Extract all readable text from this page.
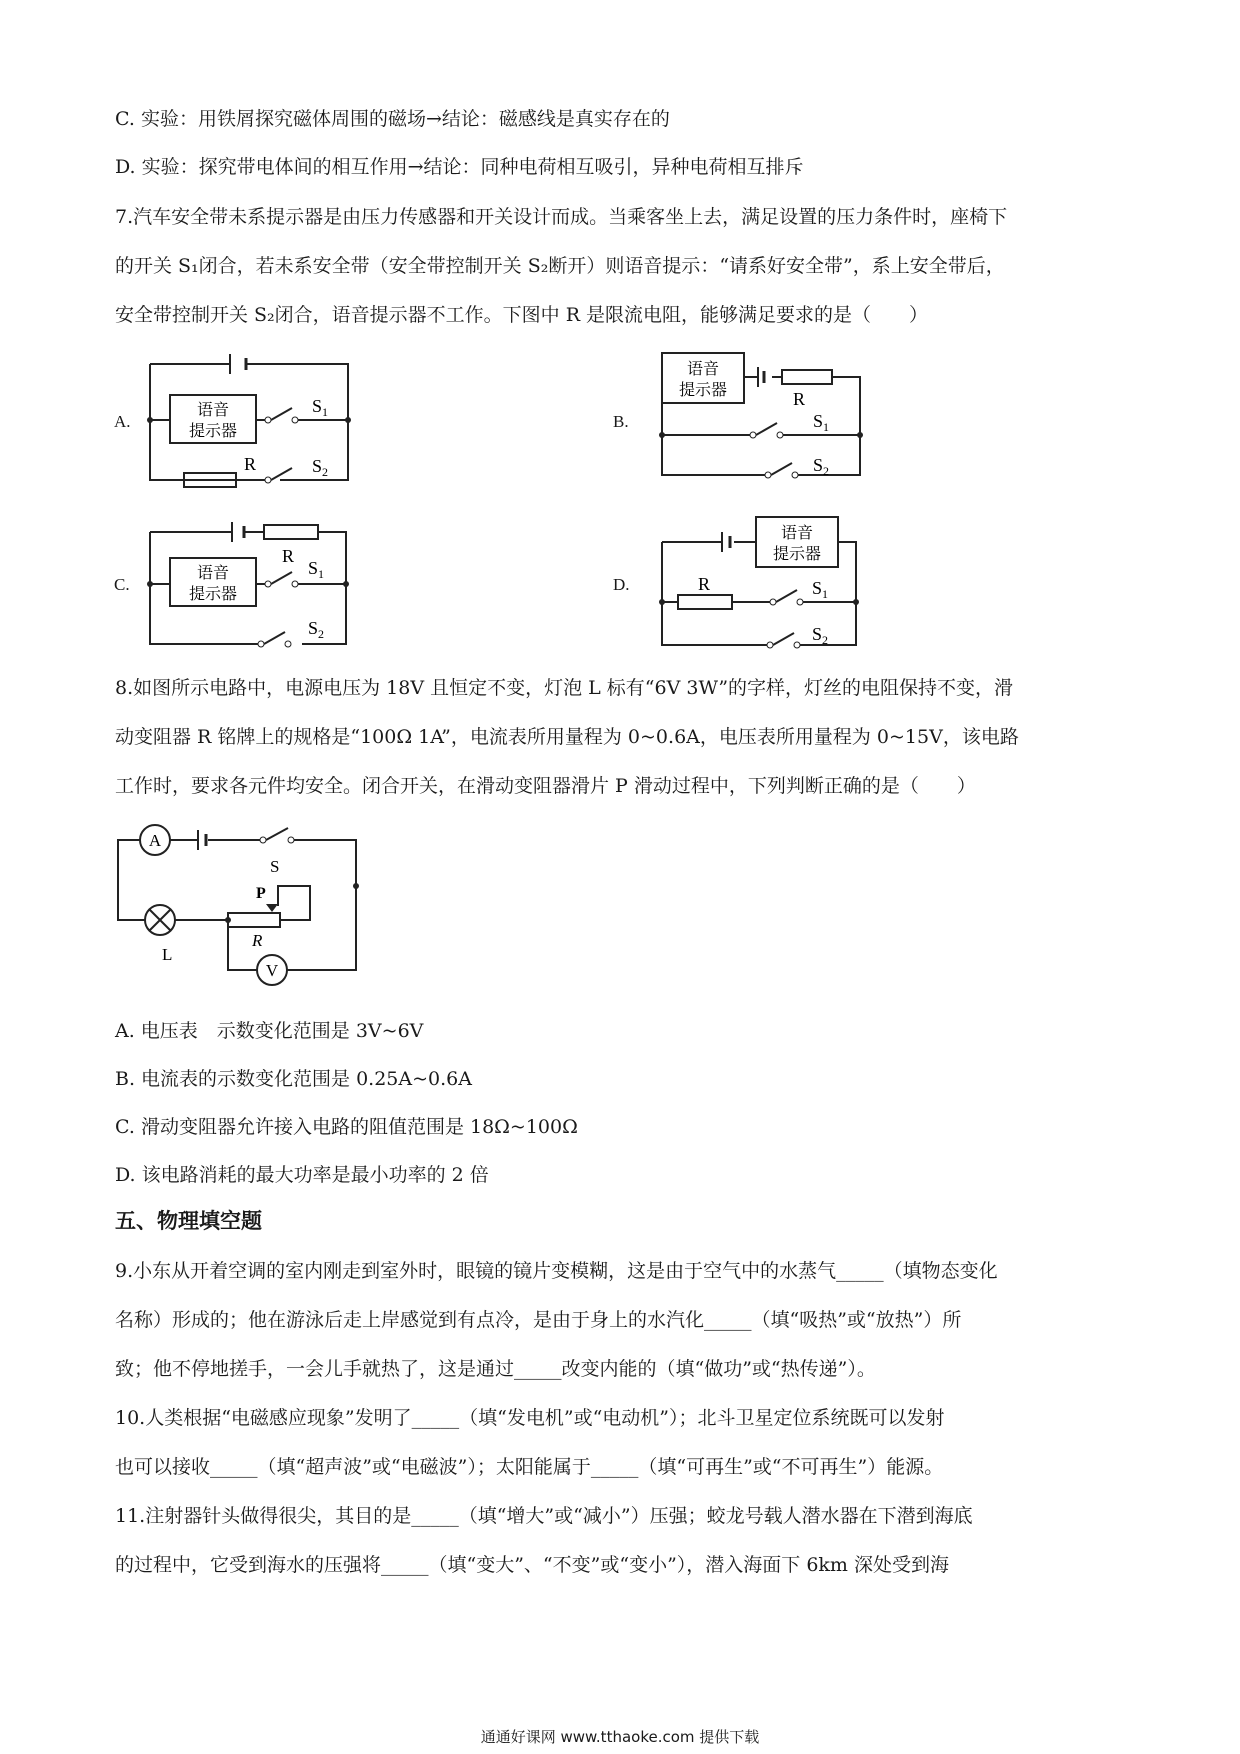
C. 实验：用铁屑探究磁体周围的磁场→结论：磁感线是真实存在的
D. 实验：探究带电体间的相互作用→结论：同种电荷相互吸引，异种电荷相互排斥
7.汽车安全带未系提示器是由压力传感器和开关设计而成。当乘客坐上去，满足设置的压力条件时，座椅下
的开关 S₁闭合，若未系安全带（安全带控制开关 S₂断开）则语音提示：“请系好安全带”，系上安全带后，
安全带控制开关 S₂闭合，语音提示器不工作。下图中 R 是限流电阻，能够满足要求的是（　　）
A.
语音
提示器
R
$S_1$
$S_2$
B.
语音
提示器	R
$S_1$
$S_2$
C.
语音
提示器
R
$S_1$
$S_2$
D.
语音
提示器
R	$S_1$
$S_2$
8.如图所示电路中，电源电压为 18V 且恒定不变，灯泡 L 标有“6V 3W”的字样，灯丝的电阻保持不变，滑
动变阻器 R 铭牌上的规格是“100Ω 1A”，电流表所用量程为 0~0.6A，电压表所用量程为 0~15V，该电路
工作时，要求各元件均安全。闭合开关，在滑动变阻器滑片 P 滑动过程中，下列判断正确的是（　　）
A
V
S
L
P
R
A. 电压表　示数变化范围是 3V~6V
B. 电流表的示数变化范围是 0.25A~0.6A
C. 滑动变阻器允许接入电路的阻值范围是 18Ω~100Ω
D. 该电路消耗的最大功率是最小功率的 2 倍
五、物理填空题
9.小东从开着空调的室内刚走到室外时，眼镜的镜片变模糊，这是由于空气中的水蒸气_____（填物态变化
名称）形成的；他在游泳后走上岸感觉到有点冷，是由于身上的水汽化_____（填“吸热”或“放热”）所
致；他不停地搓手，一会儿手就热了，这是通过_____改变内能的（填“做功”或“热传递”）。
10.人类根据“电磁感应现象”发明了_____（填“发电机”或“电动机”）；北斗卫星定位系统既可以发射
也可以接收_____（填“超声波”或“电磁波”）；太阳能属于_____（填“可再生”或“不可再生”）能源。
11.注射器针头做得很尖，其目的是_____（填“增大”或“减小”）压强；蛟龙号载人潜水器在下潜到海底
的过程中，它受到海水的压强将_____（填“变大”、“不变”或“变小”），潜入海面下 6km 深处受到海
通通好课网 www.tthaoke.com 提供下载
